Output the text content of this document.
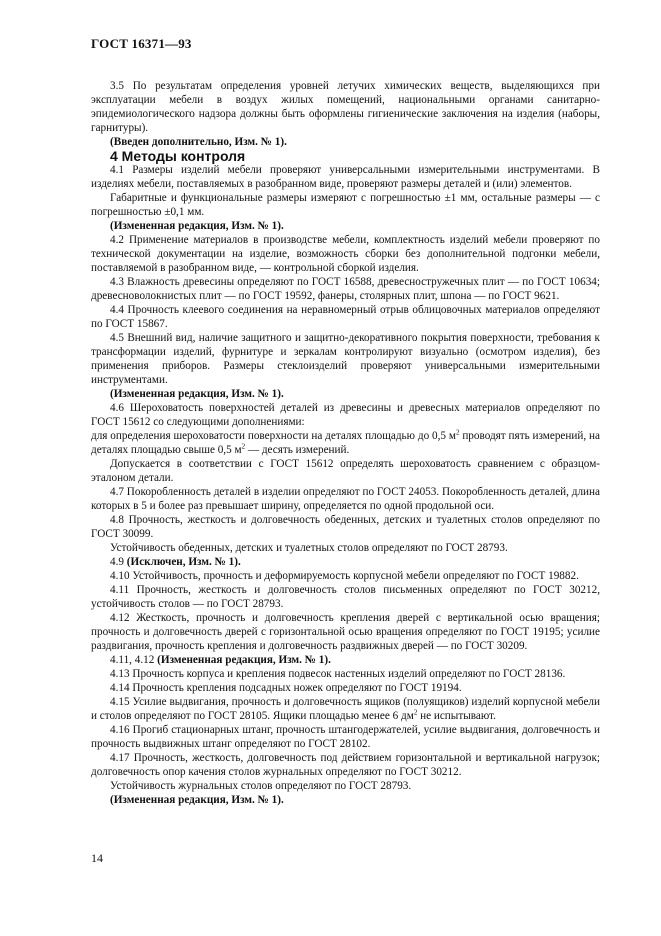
ГОСТ 16371—93

3.5 По результатам определения уровней летучих химических веществ, выделяющихся при эксплуатации мебели в воздух жилых помещений, национальными органами санитарно-эпидемиологического надзора должны быть оформлены гигиенические заключения на изделия (наборы, гарнитуры).

(Введен дополнительно, Изм. № 1).

4 Методы контроля

4.1 Размеры изделий мебели проверяют универсальными измерительными инструментами. В изделиях мебели, поставляемых в разобранном виде, проверяют размеры деталей и (или) элементов.

Габаритные и функциональные размеры измеряют с погрешностью ±1 мм, остальные размеры — с погрешностью ±0,1 мм.

(Измененная редакция, Изм. № 1).

4.2 Применение материалов в производстве мебели, комплектность изделий мебели проверяют по технической документации на изделие, возможность сборки без дополнительной подгонки мебели, поставляемой в разобранном виде, — контрольной сборкой изделия.

4.3 Влажность древесины определяют по ГОСТ 16588, древесностружечных плит — по ГОСТ 10634; древесноволокнистых плит — по ГОСТ 19592, фанеры, столярных плит, шпона — по ГОСТ 9621.

4.4 Прочность клеевого соединения на неравномерный отрыв облицовочных материалов определяют по ГОСТ 15867.

4.5 Внешний вид, наличие защитного и защитно-декоративного покрытия поверхности, требования к трансформации изделий, фурнитуре и зеркалам контролируют визуально (осмотром изделия), без применения приборов. Размеры стеклоизделий проверяют универсальными измерительными инструментами.

(Измененная редакция, Изм. № 1).

4.6 Шероховатость поверхностей деталей из древесины и древесных материалов определяют по ГОСТ 15612 со следующими дополнениями:

для определения шероховатости поверхности на деталях площадью до 0,5 $м^2$ проводят пять измерений, на деталях площадью свыше 0,5 $м^2$ — десять измерений.

Допускается в соответствии с ГОСТ 15612 определять шероховатость сравнением с образцом-эталоном детали.

4.7 Покоробленность деталей в изделии определяют по ГОСТ 24053. Покоробленность деталей, длина которых в 5 и более раз превышает ширину, определяется по одной продольной оси.

4.8 Прочность, жесткость и долговечность обеденных, детских и туалетных столов определяют по ГОСТ 30099.

Устойчивость обеденных, детских и туалетных столов определяют по ГОСТ 28793.

4.9 (Исключен, Изм. № 1).

4.10 Устойчивость, прочность и деформируемость корпусной мебели определяют по ГОСТ 19882.

4.11 Прочность, жесткость и долговечность столов письменных определяют по ГОСТ 30212, устойчивость столов — по ГОСТ 28793.

4.12 Жесткость, прочность и долговечность крепления дверей с вертикальной осью вращения; прочность и долговечность дверей с горизонтальной осью вращения определяют по ГОСТ 19195; усилие раздвигания, прочность крепления и долговечность раздвижных дверей — по ГОСТ 30209.

4.11, 4.12 (Измененная редакция, Изм. № 1).

4.13 Прочность корпуса и крепления подвесок настенных изделий определяют по ГОСТ 28136.

4.14 Прочность крепления подсадных ножек определяют по ГОСТ 19194.

4.15 Усилие выдвигания, прочность и долговечность ящиков (полуящиков) изделий корпусной мебели и столов определяют по ГОСТ 28105. Ящики площадью менее 6 $дм^2$ не испытывают.

4.16 Прогиб стационарных штанг, прочность штангодержателей, усилие выдвигания, долговечность и прочность выдвижных штанг определяют по ГОСТ 28102.

4.17 Прочность, жесткость, долговечность под действием горизонтальной и вертикальной нагрузок; долговечность опор качения столов журнальных определяют по ГОСТ 30212.

Устойчивость журнальных столов определяют по ГОСТ 28793.

(Измененная редакция, Изм. № 1).

14
